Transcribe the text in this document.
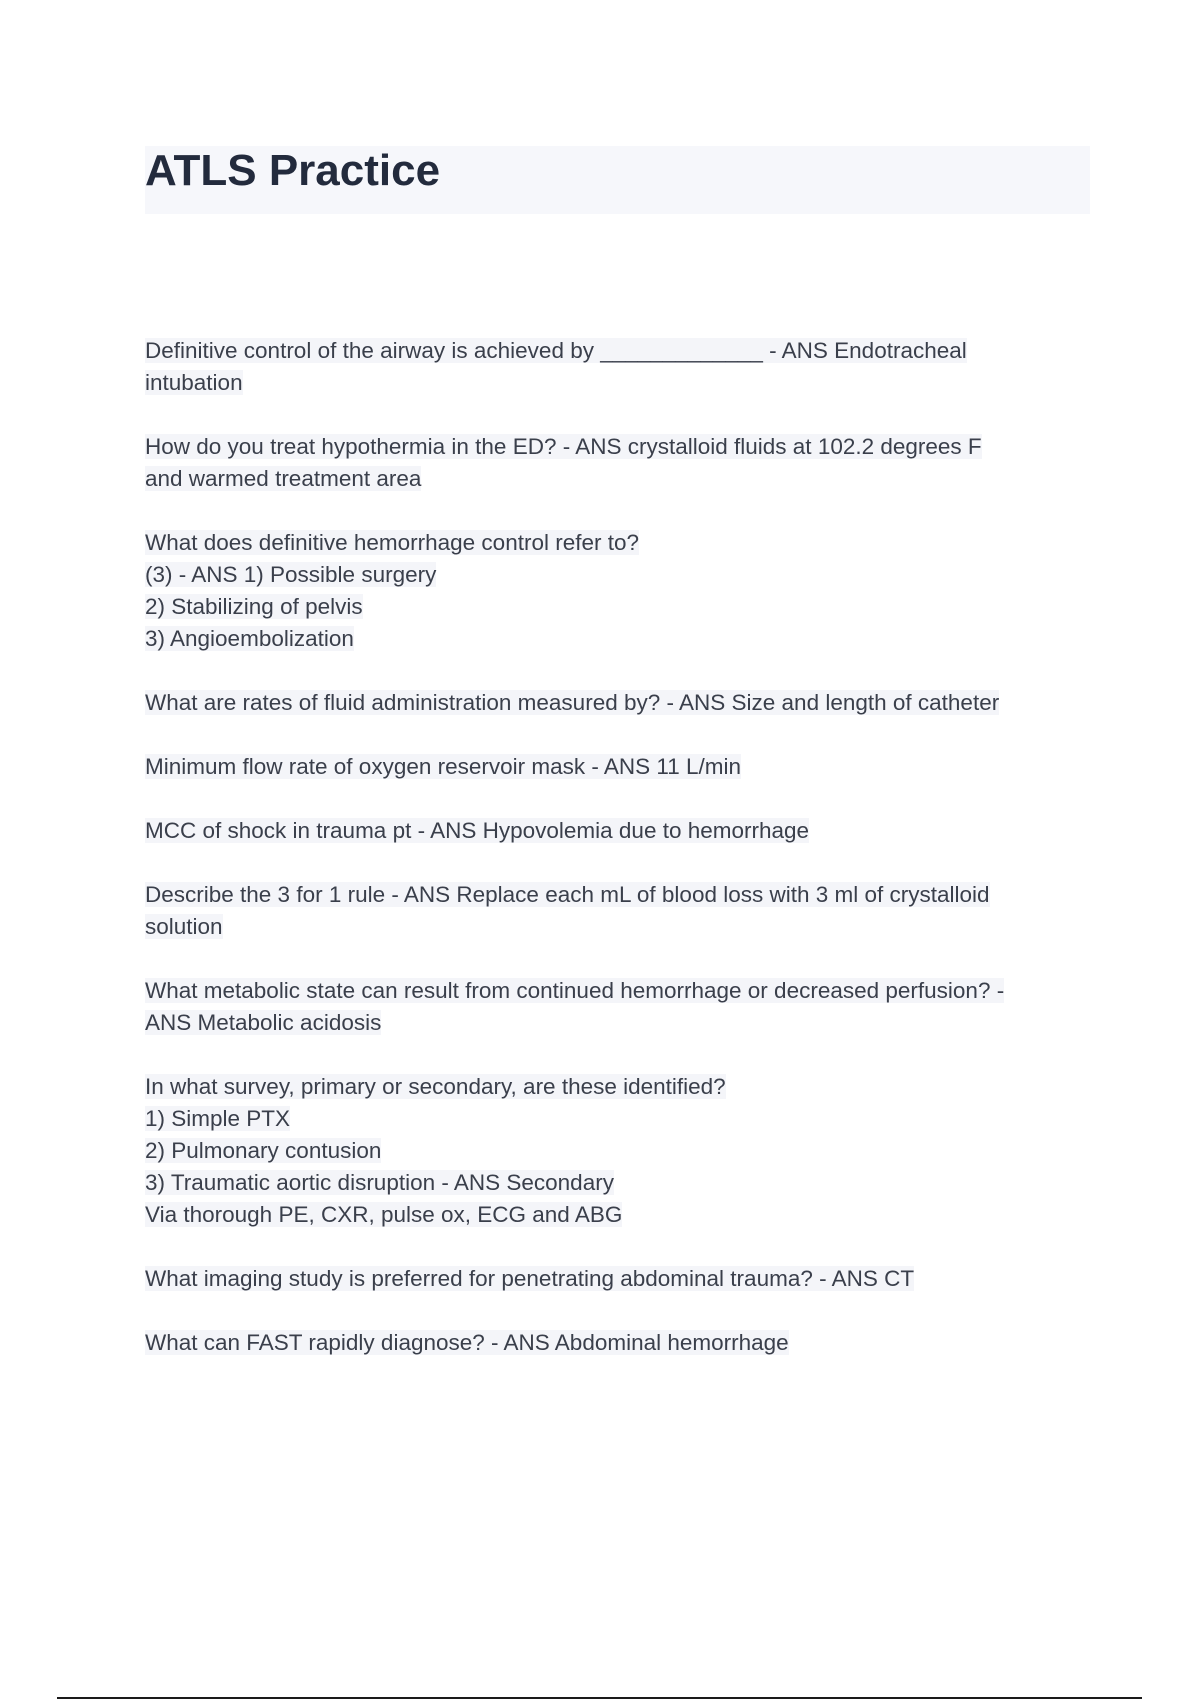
ATLS Practice

Definitive control of the airway is achieved by _____________ - ANS Endotracheal
intubation

How do you treat hypothermia in the ED? - ANS crystalloid fluids at 102.2 degrees F
and warmed treatment area

What does definitive hemorrhage control refer to?
(3) - ANS 1) Possible surgery
2) Stabilizing of pelvis
3) Angioembolization

What are rates of fluid administration measured by? - ANS Size and length of catheter

Minimum flow rate of oxygen reservoir mask - ANS 11 L/min

MCC of shock in trauma pt - ANS Hypovolemia due to hemorrhage

Describe the 3 for 1 rule - ANS Replace each mL of blood loss with 3 ml of crystalloid
solution

What metabolic state can result from continued hemorrhage or decreased perfusion? -
ANS Metabolic acidosis

In what survey, primary or secondary, are these identified?
1) Simple PTX
2) Pulmonary contusion
3) Traumatic aortic disruption - ANS Secondary
Via thorough PE, CXR, pulse ox, ECG and ABG

What imaging study is preferred for penetrating abdominal trauma? - ANS CT

What can FAST rapidly diagnose? - ANS Abdominal hemorrhage
